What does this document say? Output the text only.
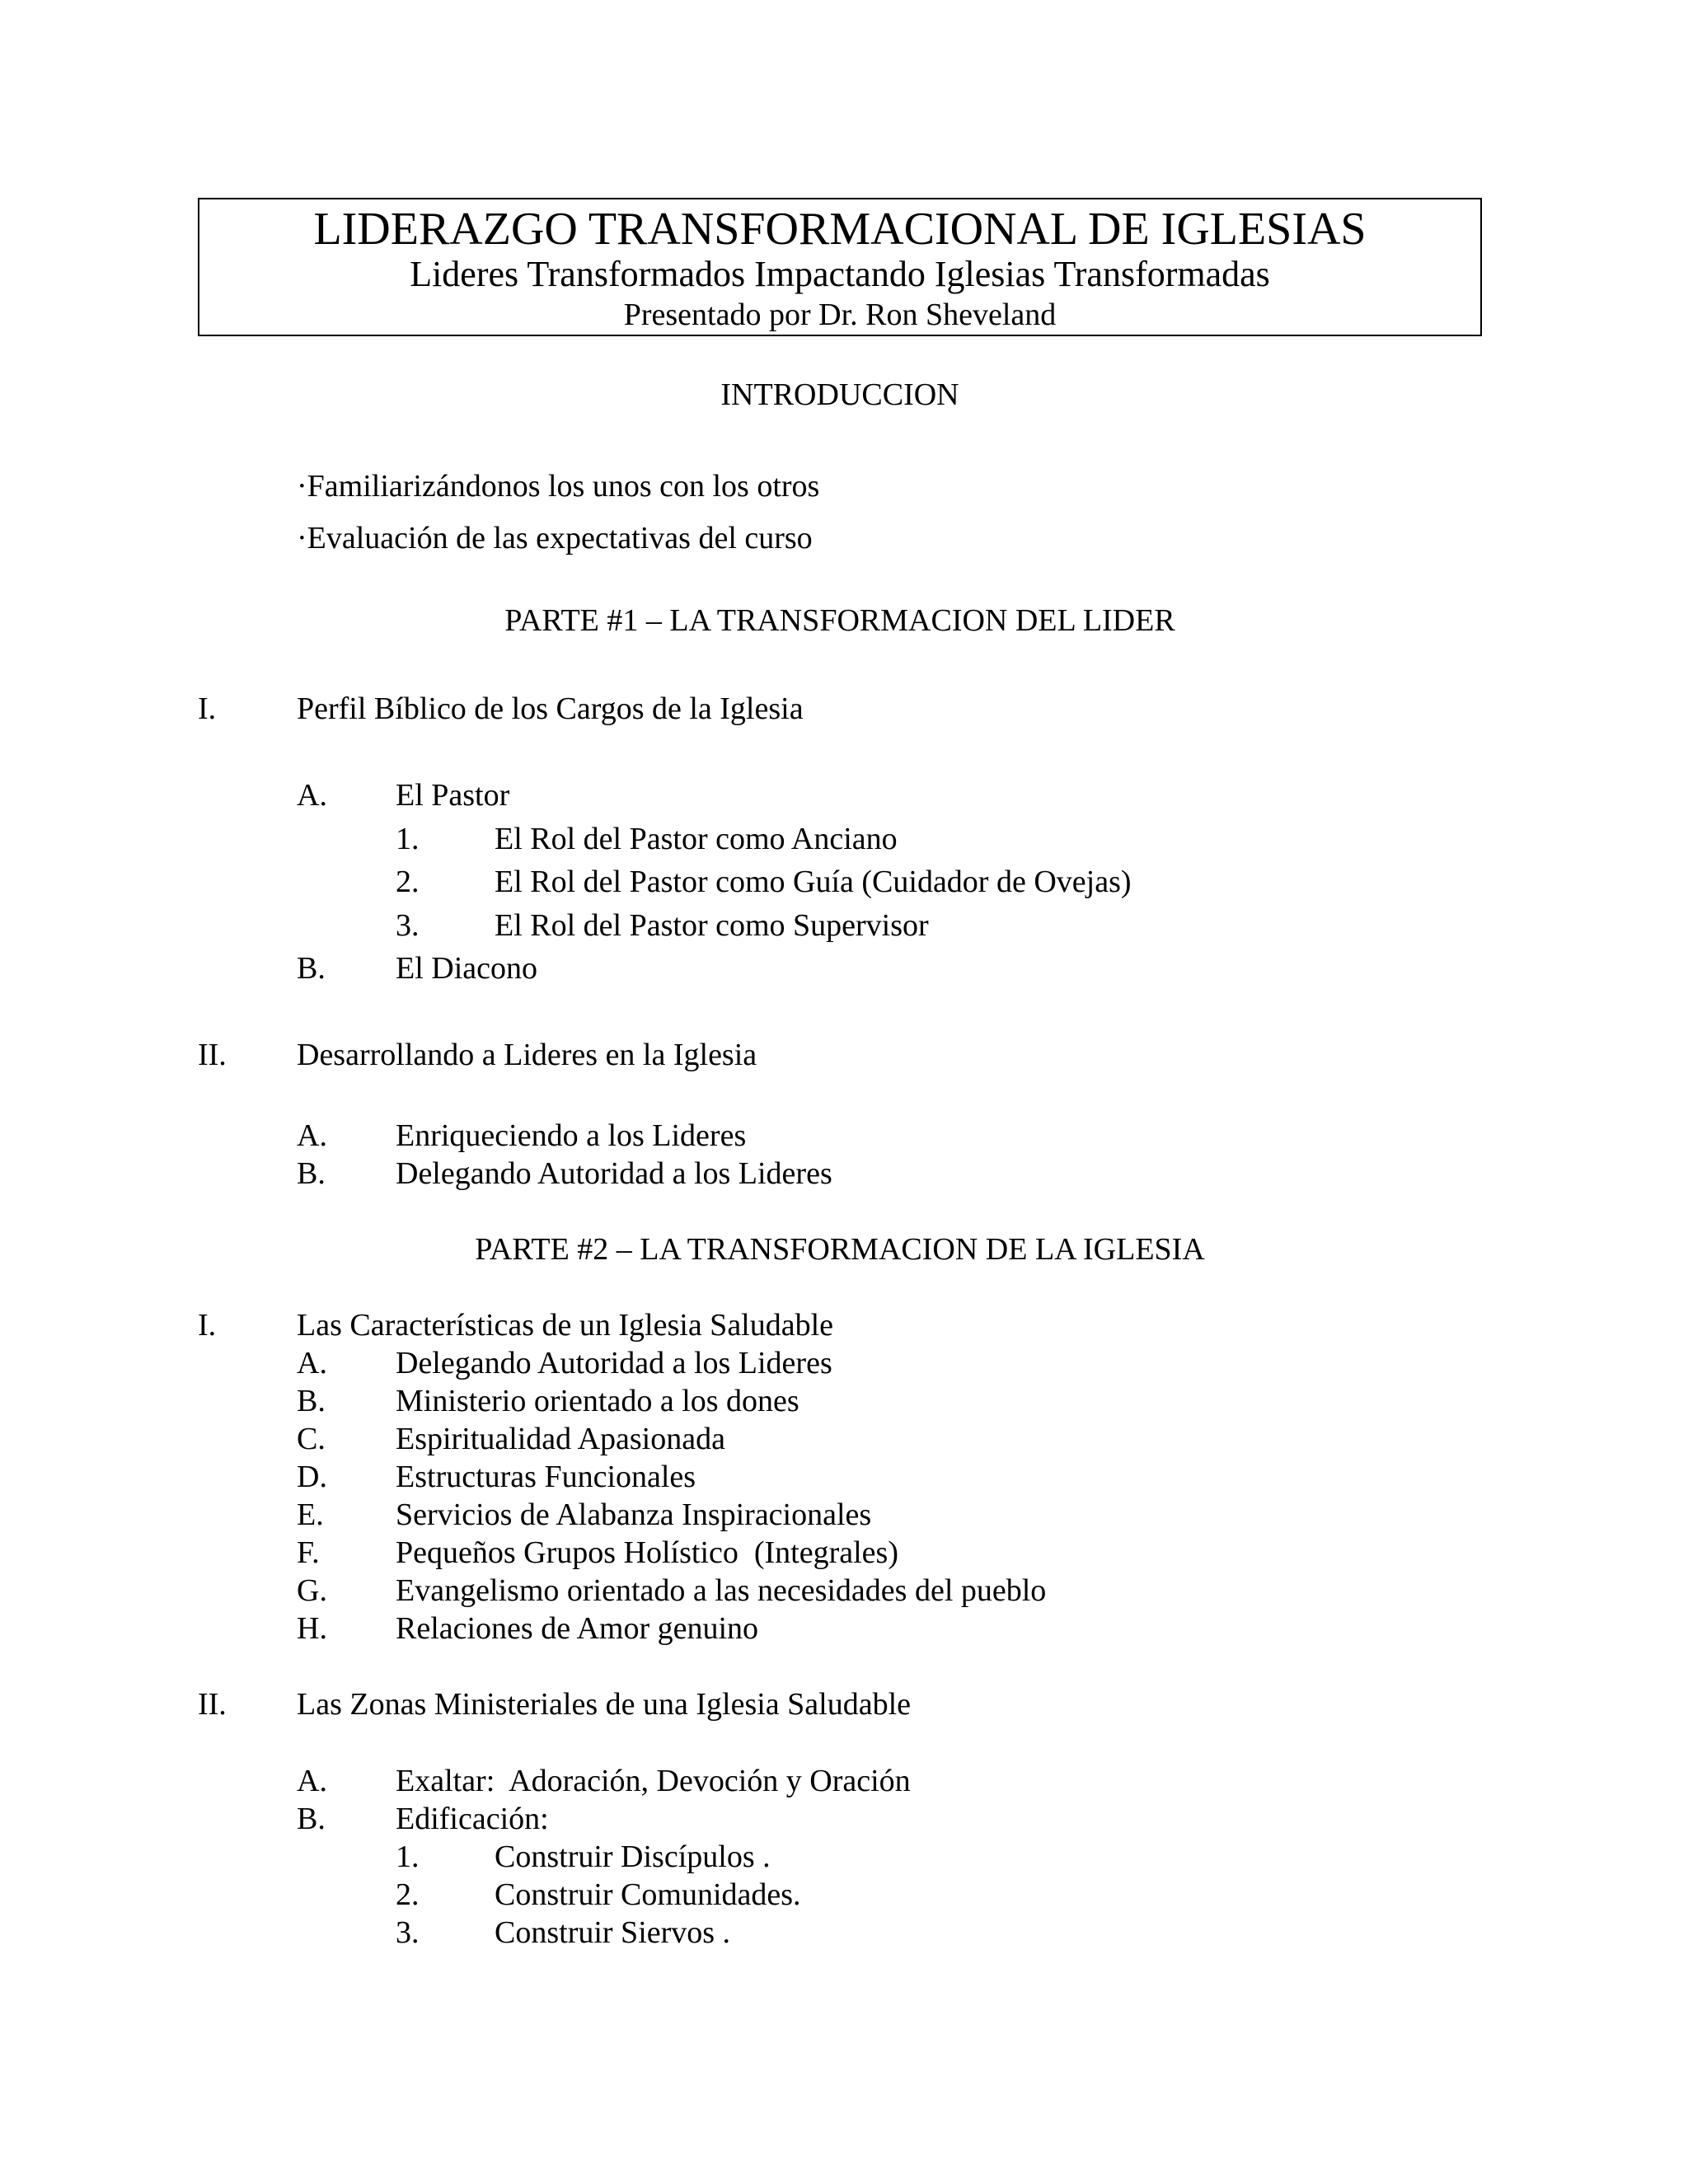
LIDERAZGO TRANSFORMACIONAL DE IGLESIAS
Lideres Transformados Impactando Iglesias Transformadas
Presentado por Dr. Ron Sheveland
INTRODUCCION
·Familiarizándonos los unos con los otros
·Evaluación de las expectativas del curso
PARTE #1 – LA TRANSFORMACION DEL LIDER
I.	Perfil Bíblico de los Cargos de la Iglesia
A. El Pastor
1. El Rol del Pastor como Anciano
2. El Rol del Pastor como Guía (Cuidador de Ovejas)
3. El Rol del Pastor como Supervisor
B. El Diacono
II. Desarrollando a Lideres en la Iglesia
A. Enriqueciendo a los Lideres
B. Delegando Autoridad a los Lideres
PARTE #2 – LA TRANSFORMACION DE LA IGLESIA
I.	Las Características de un Iglesia Saludable
A. Delegando Autoridad a los Lideres
B. Ministerio orientado a los dones
C. Espiritualidad Apasionada
D. Estructuras Funcionales
E. Servicios de Alabanza Inspiracionales
F. Pequeños Grupos Holístico  (Integrales)
G. Evangelismo orientado a las necesidades del pueblo
H. Relaciones de Amor genuino
II. Las Zonas Ministeriales de una Iglesia Saludable
A. Exaltar:  Adoración, Devoción y Oración
B. Edificación:
1. Construir Discípulos .
2. Construir Comunidades.
3. Construir Siervos .
